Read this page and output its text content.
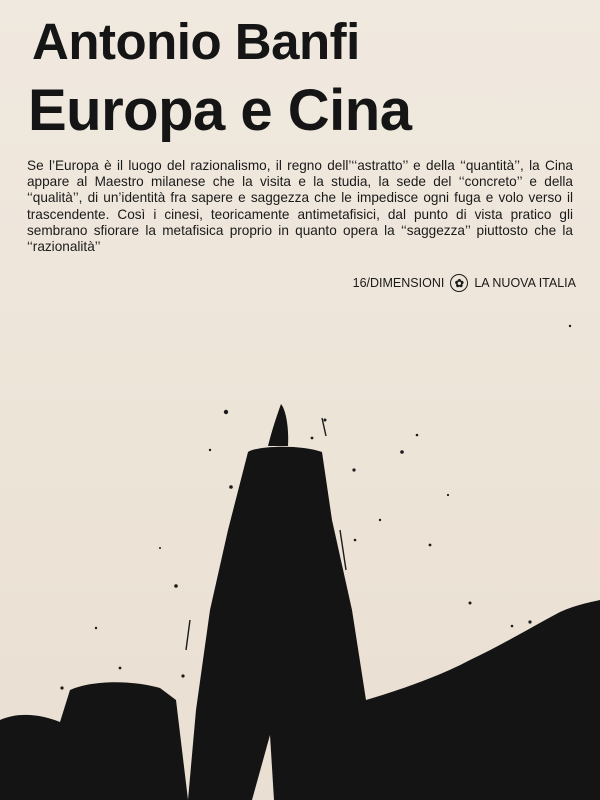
Antonio Banfi
Europa e Cina
Se l’Europa è il luogo del razionalismo, il regno dell’‘‘astratto’’ e della ‘‘quantità’’, la Cina appare al Maestro milanese che la visita e la studia, la sede del ‘‘concreto’’ e della ‘‘qualità’’, di un’identità fra sapere e saggezza che le impedisce ogni fuga e volo verso il trascendente. Così i cinesi, teoricamente antimetafisici, dal punto di vista pratico gli sembrano sfiorare la metafisica proprio in quanto opera la ‘‘saggezza’’ piuttosto che la ‘‘razionalità’’
16/DIMENSIONI ✿ LA NUOVA ITALIA
